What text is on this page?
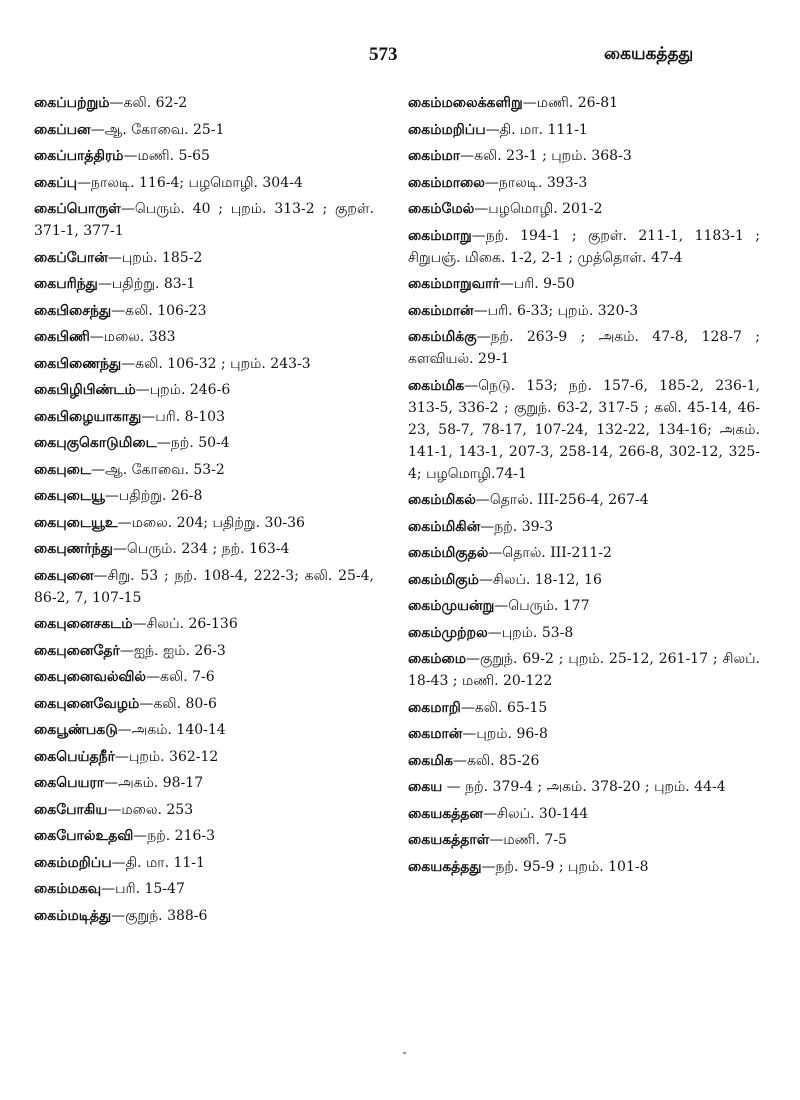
573	கையகத்தது
கைப்பற்றும்—கலி. 62-2
கைப்பன—ஆ. கோவை. 25-1
கைப்பாத்திரம்—மணி. 5-65
கைப்பு—நாலடி. 116-4; பழமொழி. 304-4
கைப்பொருள்—பெரும். 40 ; புறம். 313-2 ; குறள். 371-1, 377-1
கைப்போன்—புறம். 185-2
கைபரிந்து—பதிற்று. 83-1
கைபிசைந்து—கலி. 106-23
கைபிணி—மலை. 383
கைபிணைந்து—கலி. 106-32 ; புறம். 243-3
கைபிழிபிண்டம்—புறம். 246-6
கைபிழையாகாது—பரி. 8-103
கைபுகுகொடுமிடை—நற். 50-4
கைபுடை—ஆ. கோவை. 53-2
கைபுடையூ—பதிற்று. 26-8
கைபுடையூஉ—மலை. 204; பதிற்று. 30-36
கைபுணர்ந்து—பெரும். 234 ; நற். 163-4
கைபுனை—சிறு. 53 ; நற். 108-4, 222-3; கலி. 25-4, 86-2, 7, 107-15
கைபுனைசகடம்—சிலப். 26-136
கைபுனைதேர்—ஐந். ஐம். 26-3
கைபுனைவல்வில்—கலி. 7-6
கைபுனைவேழம்—கலி. 80-6
கைபூண்பகடு—அகம். 140-14
கைபெய்தநீர்—புறம். 362-12
கைபெயரா—அகம். 98-17
கைபோகிய—மலை. 253
கைபோல்உதவி—நற். 216-3
கைம்மறிப்ப—தி. மா. 11-1
கைம்மகவு—பரி. 15-47
கைம்மடித்து—குறுந். 388-6
கைம்மலைக்களிறு—மணி. 26-81
கைம்மறிப்ப—தி. மா. 111-1
கைம்மா—கலி. 23-1 ; புறம். 368-3
கைம்மாலை—நாலடி. 393-3
கைம்மேல்—பழமொழி. 201-2
கைம்மாறு—நற். 194-1 ; குறள். 211-1, 1183-1 ; சிறுபஞ். மிகை. 1-2, 2-1 ; முத்தொள். 47-4
கைம்மாறுவார்—பரி. 9-50
கைம்மான்—பரி. 6-33; புறம். 320-3
கைம்மிக்கு—நற். 263-9 ; அகம். 47-8, 128-7 ; களவியல். 29-1
கைம்மிக—நெடு. 153; நற். 157-6, 185-2, 236-1, 313-5, 336-2 ; குறுந். 63-2, 317-5 ; கலி. 45-14, 46-23, 58-7, 78-17, 107-24, 132-22, 134-16; அகம். 141-1, 143-1, 207-3, 258-14, 266-8, 302-12, 325-4; பழமொழி.74-1
கைம்மிகல்—தொல். III-256-4, 267-4
கைம்மிகின்—நற். 39-3
கைம்மிகுதல்—தொல். III-211-2
கைம்மிகும்—சிலப். 18-12, 16
கைம்முயன்று—பெரும். 177
கைம்முற்றல—புறம். 53-8
கைம்மை—குறுந். 69-2 ; புறம். 25-12, 261-17 ; சிலப். 18-43 ; மணி. 20-122
கைமாறி—கலி. 65-15
கைமான்—புறம். 96-8
கைமிக—கலி. 85-26
கைய — நற். 379-4 ; அகம். 378-20 ; புறம். 44-4
கையகத்தன—சிலப். 30-144
கையகத்தாள்—மணி. 7-5
கையகத்தது—நற். 95-9 ; புறம். 101-8
